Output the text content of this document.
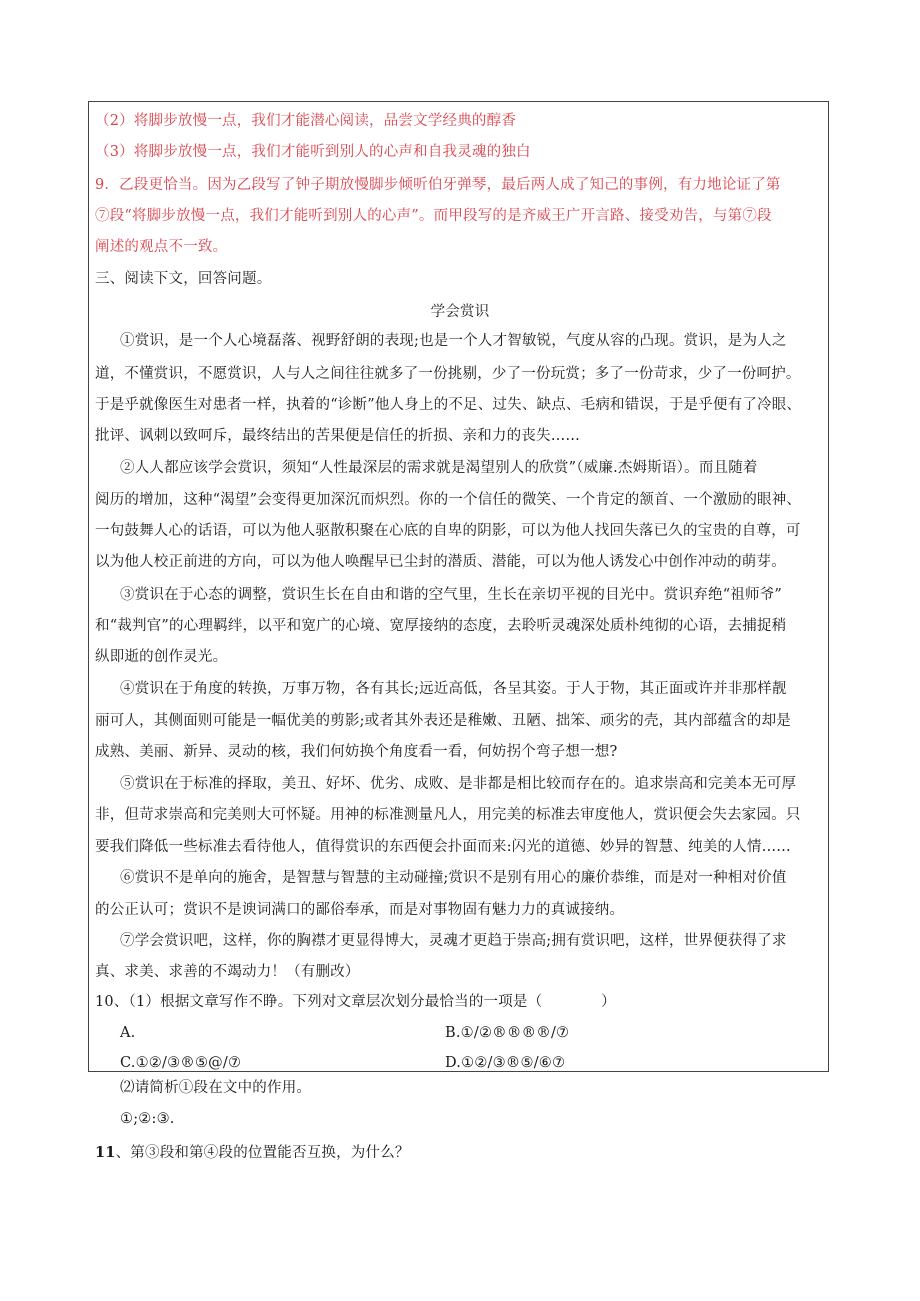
（2）将脚步放慢一点，我们才能潜心阅读，品尝文学经典的醇香
（3）将脚步放慢一点，我们才能听到别人的心声和自我灵魂的独白
9．乙段更恰当。因为乙段写了钟子期放慢脚步倾听伯牙弹琴，最后两人成了知己的事例，有力地论证了第
⑦段“将脚步放慢一点，我们才能听到别人的心声”。而甲段写的是齐威王广开言路、接受劝告，与第⑦段
阐述的观点不一致。
三、阅读下文，回答问题。
学会赏识
①赏识，是一个人心境磊落、视野舒朗的表现;也是一个人才智敏锐，气度从容的凸现。赏识，是为人之
道，不懂赏识，不愿赏识，人与人之间往往就多了一份挑剔，少了一份玩赏；多了一份苛求，少了一份呵护。
于是乎就像医生对患者一样，执着的“诊断”他人身上的不足、过失、缺点、毛病和错误，于是乎便有了冷眼、
批评、讽刺以致呵斥，最终结出的苦果便是信任的折损、亲和力的丧失……
②人人都应该学会赏识，须知“人性最深层的需求就是渴望别人的欣赏”（威廉.杰姆斯语）。而且随着
阅历的增加，这种“渴望”会变得更加深沉而炽烈。你的一个信任的微笑、一个肯定的颔首、一个激励的眼神、
一句鼓舞人心的话语，可以为他人驱散积聚在心底的自卑的阴影，可以为他人找回失落已久的宝贵的自尊，可
以为他人校正前进的方向，可以为他人唤醒早已尘封的潜质、潜能，可以为他人诱发心中创作冲动的萌芽。
③赏识在于心态的调整，赏识生长在自由和谐的空气里，生长在亲切平视的目光中。赏识弃绝“祖师爷”
和“裁判官”的心理羁绊，以平和宽广的心境、宽厚接纳的态度，去聆听灵魂深处质朴纯彻的心语，去捕捉稍
纵即逝的创作灵光。
④赏识在于角度的转换，万事万物，各有其长;远近高低，各呈其姿。于人于物，其正面或许并非那样靓
丽可人，其侧面则可能是一幅优美的剪影;或者其外表还是稚嫩、丑陋、拙笨、顽劣的壳，其内部蕴含的却是
成熟、美丽、新异、灵动的核，我们何妨换个角度看一看，何妨拐个弯子想一想?
⑤赏识在于标准的择取，美丑、好坏、优劣、成败、是非都是相比较而存在的。追求崇高和完美本无可厚
非，但苛求崇高和完美则大可怀疑。用神的标准测量凡人，用完美的标准去审度他人，赏识便会失去家园。只
要我们降低一些标准去看待他人，值得赏识的东西便会扑面而来:闪光的道德、妙异的智慧、纯美的人情……
⑥赏识不是单向的施舍，是智慧与智慧的主动碰撞;赏识不是别有用心的廉价恭维，而是对一种相对价值
的公正认可；赏识不是谀词满口的鄙俗奉承，而是对事物固有魅力力的真诚接纳。
⑦学会赏识吧，这样，你的胸襟才更显得博大，灵魂才更趋于崇高;拥有赏识吧，这样，世界便获得了求
真、求美、求善的不竭动力！（有删改）
10、（1）根据文章写作不睁。下列对文章层次划分最恰当的一项是（　　　　）
A.	B.①/②®®®®/⑦
C.①②/③®⑤@/⑦	D.①②/③®⑤/⑥⑦
⑵请简析①段在文中的作用。
①;②:③.
11、第③段和第④段的位置能否互换，为什么？
